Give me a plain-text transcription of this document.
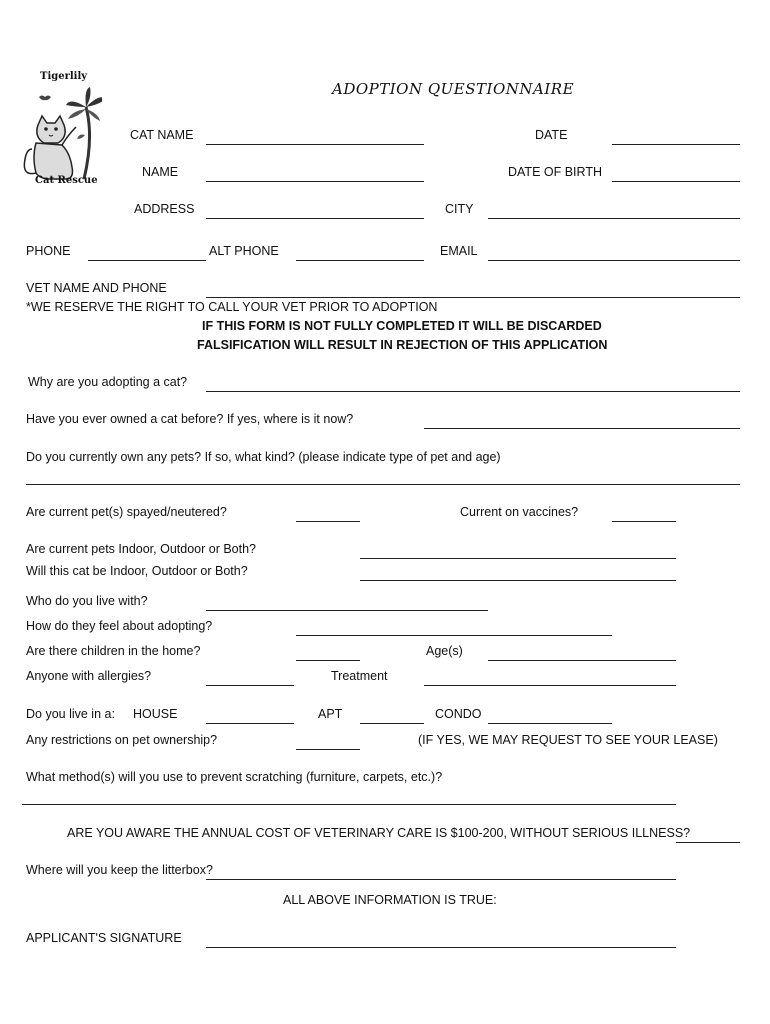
Tigerlily
Cat Rescue
ADOPTION QUESTIONNAIRE
CAT NAME	DATE
NAME	DATE OF BIRTH
ADDRESS	CITY
PHONE	ALT PHONE	EMAIL
VET NAME AND PHONE
*WE RESERVE THE RIGHT TO CALL YOUR VET PRIOR TO ADOPTION
IF THIS FORM IS NOT FULLY COMPLETED IT WILL BE DISCARDED
FALSIFICATION WILL RESULT IN REJECTION OF THIS APPLICATION
Why are you adopting a cat?
Have you ever owned a cat before? If yes, where is it now?
Do you currently own any pets? If so, what kind? (please indicate type of pet and age)
Are current pet(s) spayed/neutered?	Current on vaccines?
Are current pets Indoor, Outdoor or Both?
Will this cat be Indoor, Outdoor or Both?
Who do you live with?
How do they feel about adopting?
Are there children in the home?	Age(s)
Anyone with allergies?	Treatment
Do you live in a: HOUSE	APT	CONDO
Any restrictions on pet ownership?	(IF YES, WE MAY REQUEST TO SEE YOUR LEASE)
What method(s) will you use to prevent scratching (furniture, carpets, etc.)?
ARE YOU AWARE THE ANNUAL COST OF VETERINARY CARE IS $100-200, WITHOUT SERIOUS ILLNESS?
Where will you keep the litterbox?
ALL ABOVE INFORMATION IS TRUE:
APPLICANT'S SIGNATURE
